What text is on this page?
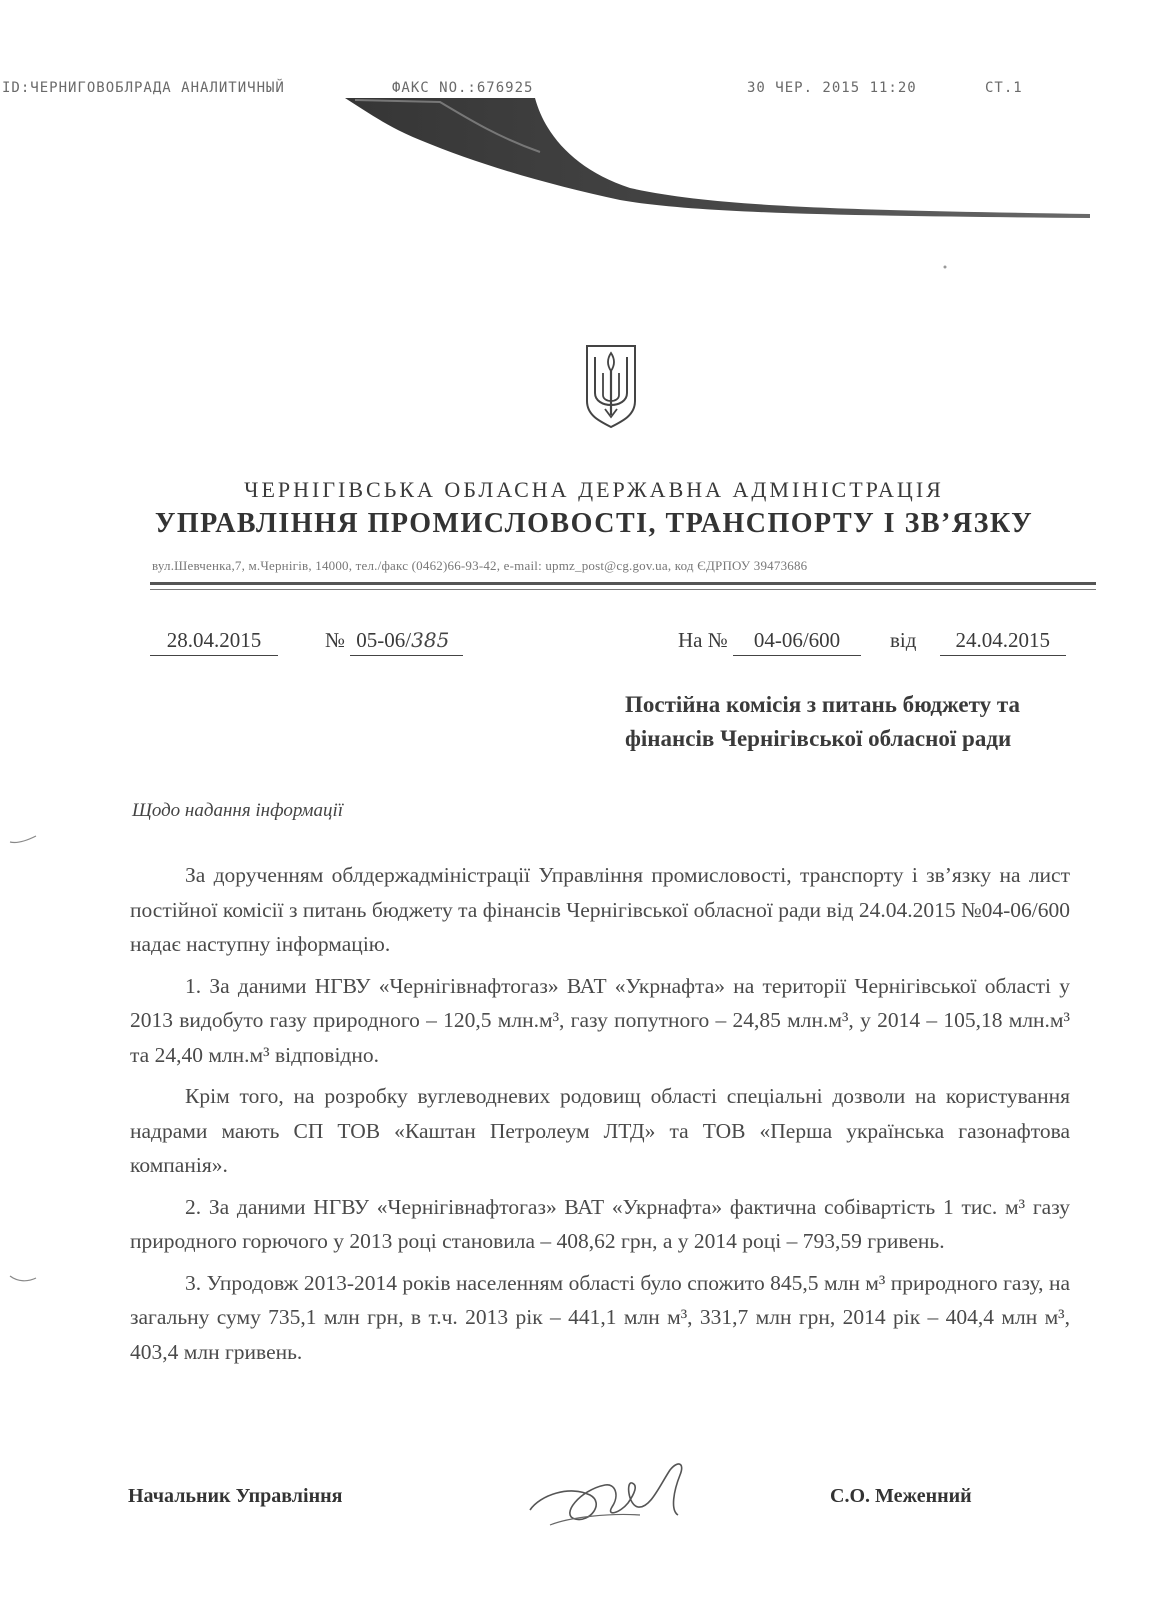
ID:ЧЕРНИГОВОБЛРАДА АНАЛИТИЧНЫЙ	ФАКС NO.:676925	30 ЧЕР. 2015 11:20	СТ.1
ЧЕРНІГІВСЬКА ОБЛАСНА ДЕРЖАВНА АДМІНІСТРАЦІЯ
УПРАВЛІННЯ ПРОМИСЛОВОСТІ, ТРАНСПОРТУ І ЗВ’ЯЗКУ
вул.Шевченка,7, м.Чернігів, 14000, тел./факс (0462)66-93-42, e-mail: upmz_post@cg.gov.ua, код ЄДРПОУ 39473686
28.04.2015	№ 05-06/385	На № 04-06/600	від 24.04.2015
Постійна комісія з питань бюджету та фінансів Чернігівської обласної ради
Щодо надання інформації

За дорученням облдержадміністрації Управління промисловості, транспорту і зв’язку на лист постійної комісії з питань бюджету та фінансів Чернігівської обласної ради від 24.04.2015 №04-06/600 надає наступну інформацію.

1. За даними НГВУ «Чернігівнафтогаз» ВАТ «Укрнафта» на території Чернігівської області у 2013 видобуто газу природного – 120,5 млн.м³, газу попутного – 24,85 млн.м³, у 2014 – 105,18 млн.м³ та 24,40 млн.м³ відповідно.

Крім того, на розробку вуглеводневих родовищ області спеціальні дозволи на користування надрами мають СП ТОВ «Каштан Петролеум ЛТД» та ТОВ «Перша українська газонафтова компанія».

2. За даними НГВУ «Чернігівнафтогаз» ВАТ «Укрнафта» фактична собівартість 1 тис. м³ газу природного горючого у 2013 році становила – 408,62 грн, а у 2014 році – 793,59 гривень.

3. Упродовж 2013-2014 років населенням області було спожито 845,5 млн м³ природного газу, на загальну суму 735,1 млн грн, в т.ч. 2013 рік – 441,1 млн м³, 331,7 млн грн, 2014 рік – 404,4 млн м³, 403,4 млн гривень.

Начальник Управління	С.О. Меженний
